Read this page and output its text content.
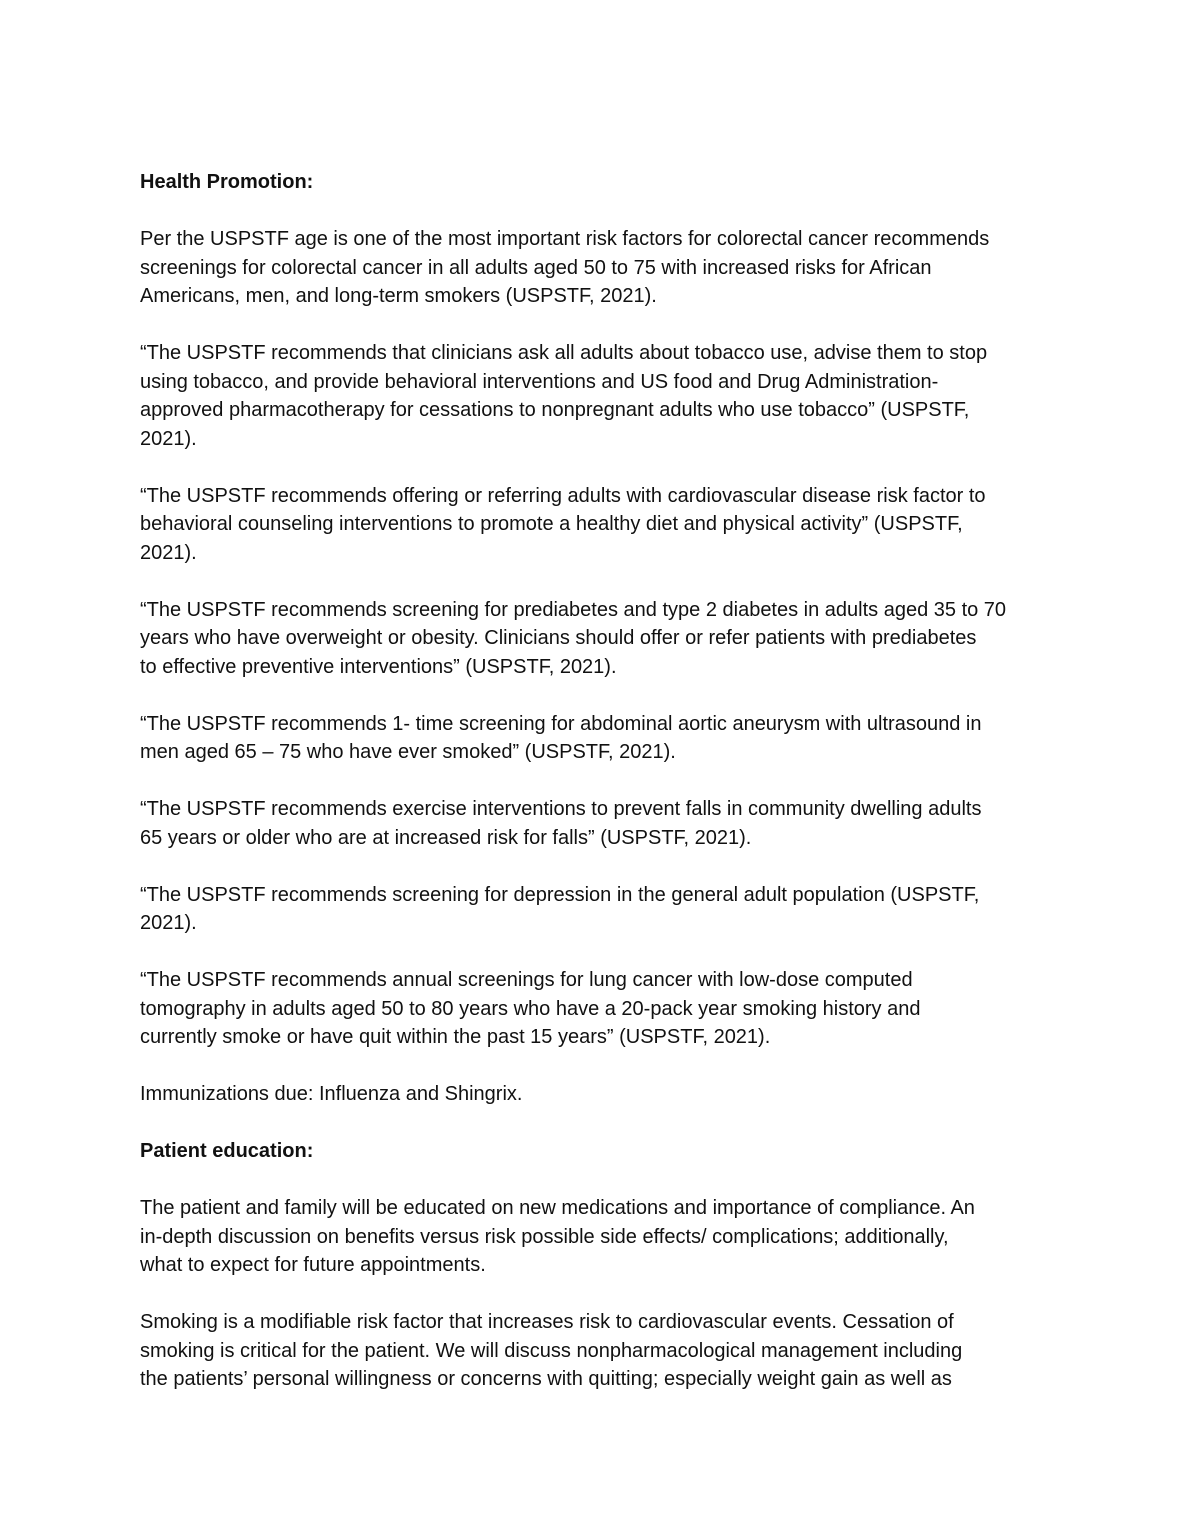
Health Promotion:

Per the USPSTF age is one of the most important risk factors for colorectal cancer recommends
screenings for colorectal cancer in all adults aged 50 to 75 with increased risks for African
Americans, men, and long-term smokers (USPSTF, 2021).

“The USPSTF recommends that clinicians ask all adults about tobacco use, advise them to stop
using tobacco, and provide behavioral interventions and US food and Drug Administration-
approved pharmacotherapy for cessations to nonpregnant adults who use tobacco” (USPSTF,
2021).

“The USPSTF recommends offering or referring adults with cardiovascular disease risk factor to
behavioral counseling interventions to promote a healthy diet and physical activity” (USPSTF,
2021).

“The USPSTF recommends screening for prediabetes and type 2 diabetes in adults aged 35 to 70
years who have overweight or obesity. Clinicians should offer or refer patients with prediabetes
to effective preventive interventions” (USPSTF, 2021).

“The USPSTF recommends 1- time screening for abdominal aortic aneurysm with ultrasound in
men aged 65 – 75 who have ever smoked” (USPSTF, 2021).

“The USPSTF recommends exercise interventions to prevent falls in community dwelling adults
65 years or older who are at increased risk for falls” (USPSTF, 2021).

“The USPSTF recommends screening for depression in the general adult population (USPSTF,
2021).

“The USPSTF recommends annual screenings for lung cancer with low-dose computed
tomography in adults aged 50 to 80 years who have a 20-pack year smoking history and
currently smoke or have quit within the past 15 years” (USPSTF, 2021).

Immunizations due: Influenza and Shingrix.

Patient education:

The patient and family will be educated on new medications and importance of compliance. An
in-depth discussion on benefits versus risk possible side effects/ complications; additionally,
what to expect for future appointments.

Smoking is a modifiable risk factor that increases risk to cardiovascular events. Cessation of
smoking is critical for the patient. We will discuss nonpharmacological management including
the patients’ personal willingness or concerns with quitting; especially weight gain as well as
